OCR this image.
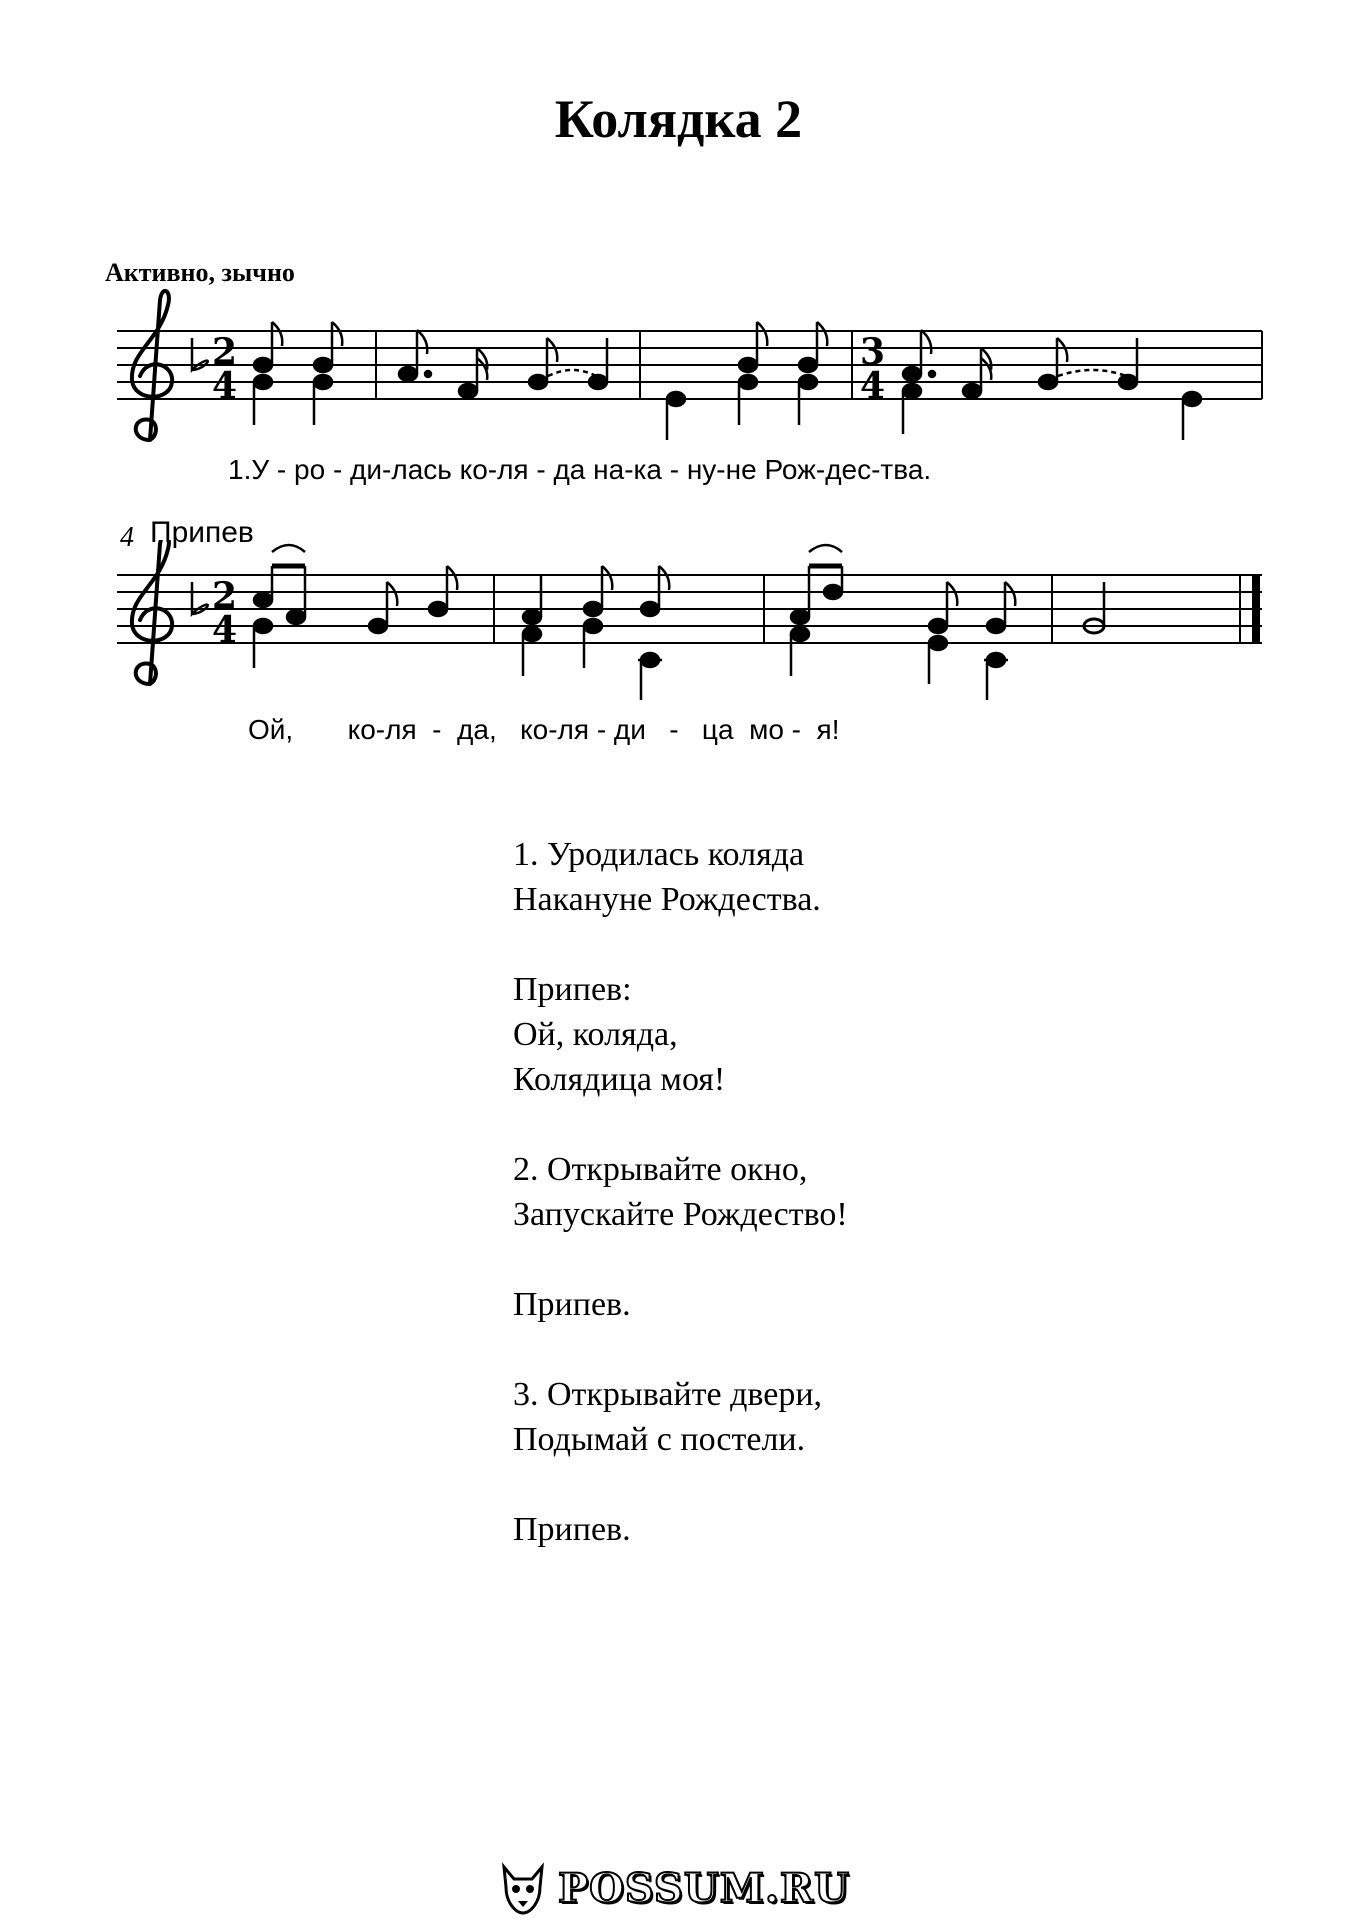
Колядка 2
Активно, зычно
2
4
3
4
1.У - ро - ди-лась ко-ля - да на-ка - ну-не Рож-дес-тва.
4 Припев
2
4
Ой,       ко-ля  -  да,   ко-ля - ди   -   ца  мо -  я!
1. Уродилась коляда
Накануне Рождества.
Припев:
Ой, коляда,
Колядица моя!
2. Открывайте окно,
Запускайте Рождество!
Припев.
3. Открывайте двери,
Подымай с постели.
Припев.
POSSUM.RU
